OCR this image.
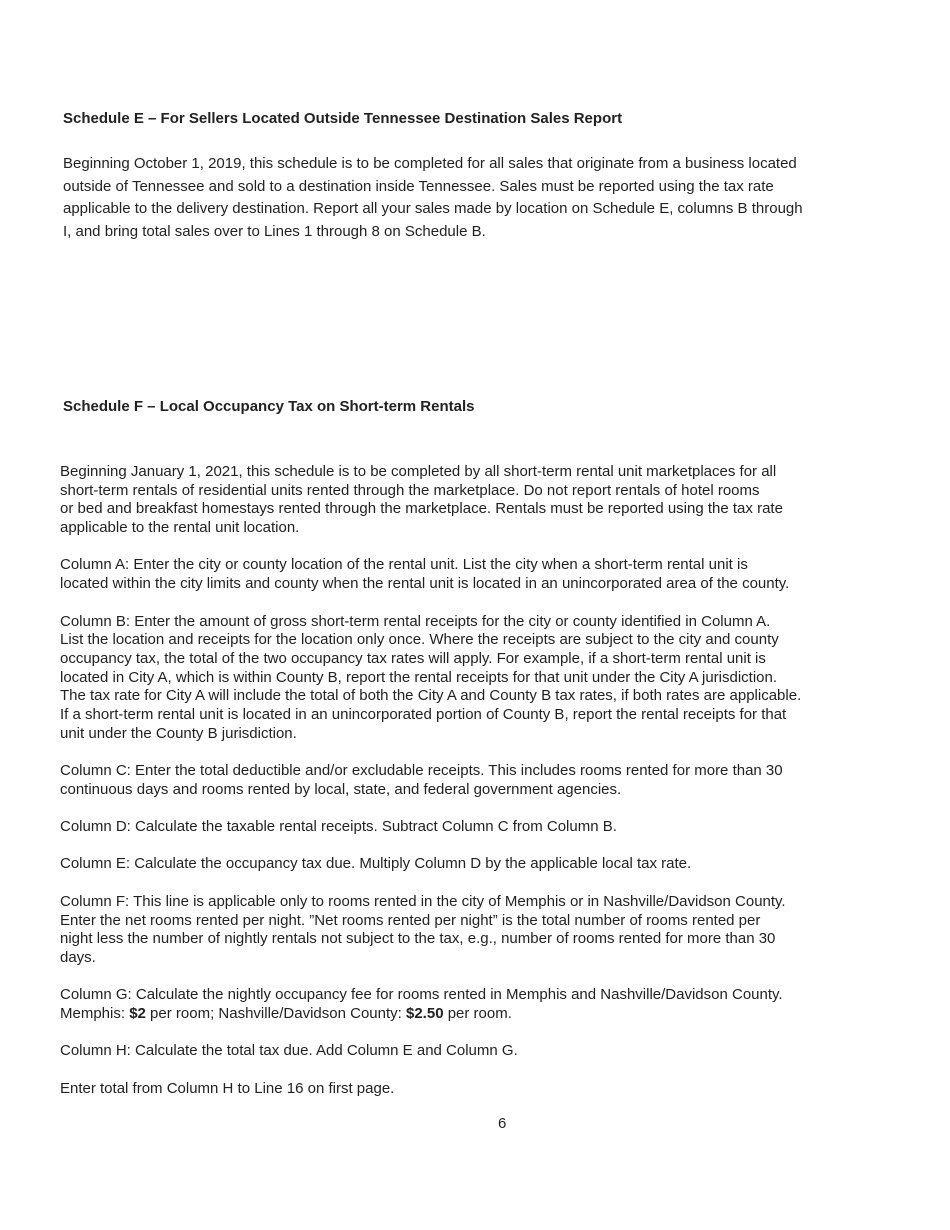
Schedule E – For Sellers Located Outside Tennessee Destination Sales Report
Beginning October 1, 2019, this schedule is to be completed for all sales that originate from a business located
outside of Tennessee and sold to a destination inside Tennessee. Sales must be reported using the tax rate
applicable to the delivery destination. Report all your sales made by location on Schedule E, columns B through
I, and bring total sales over to Lines 1 through 8 on Schedule B.
Schedule F – Local Occupancy Tax on Short-term Rentals
Beginning January 1, 2021, this schedule is to be completed by all short-term rental unit marketplaces for all
short-term rentals of residential units rented through the marketplace. Do not report rentals of hotel rooms
or bed and breakfast homestays rented through the marketplace. Rentals must be reported using the tax rate
applicable to the rental unit location.
Column A: Enter the city or county location of the rental unit. List the city when a short-term rental unit is
located within the city limits and county when the rental unit is located in an unincorporated area of the county.
Column B: Enter the amount of gross short-term rental receipts for the city or county identified in Column A.
List the location and receipts for the location only once. Where the receipts are subject to the city and county
occupancy tax, the total of the two occupancy tax rates will apply. For example, if a short-term rental unit is
located in City A, which is within County B, report the rental receipts for that unit under the City A jurisdiction.
The tax rate for City A will include the total of both the City A and County B tax rates, if both rates are applicable.
If a short-term rental unit is located in an unincorporated portion of County B, report the rental receipts for that
unit under the County B jurisdiction.
Column C: Enter the total deductible and/or excludable receipts. This includes rooms rented for more than 30
continuous days and rooms rented by local, state, and federal government agencies.
Column D: Calculate the taxable rental receipts. Subtract Column C from Column B.
Column E: Calculate the occupancy tax due. Multiply Column D by the applicable local tax rate.
Column F: This line is applicable only to rooms rented in the city of Memphis or in Nashville/Davidson County.
Enter the net rooms rented per night. ”Net rooms rented per night” is the total number of rooms rented per
night less the number of nightly rentals not subject to the tax, e.g., number of rooms rented for more than 30
days.
Column G: Calculate the nightly occupancy fee for rooms rented in Memphis and Nashville/Davidson County.
Memphis: $2 per room; Nashville/Davidson County: $2.50 per room.
Column H: Calculate the total tax due. Add Column E and Column G.
Enter total from Column H to Line 16 on first page.
6
